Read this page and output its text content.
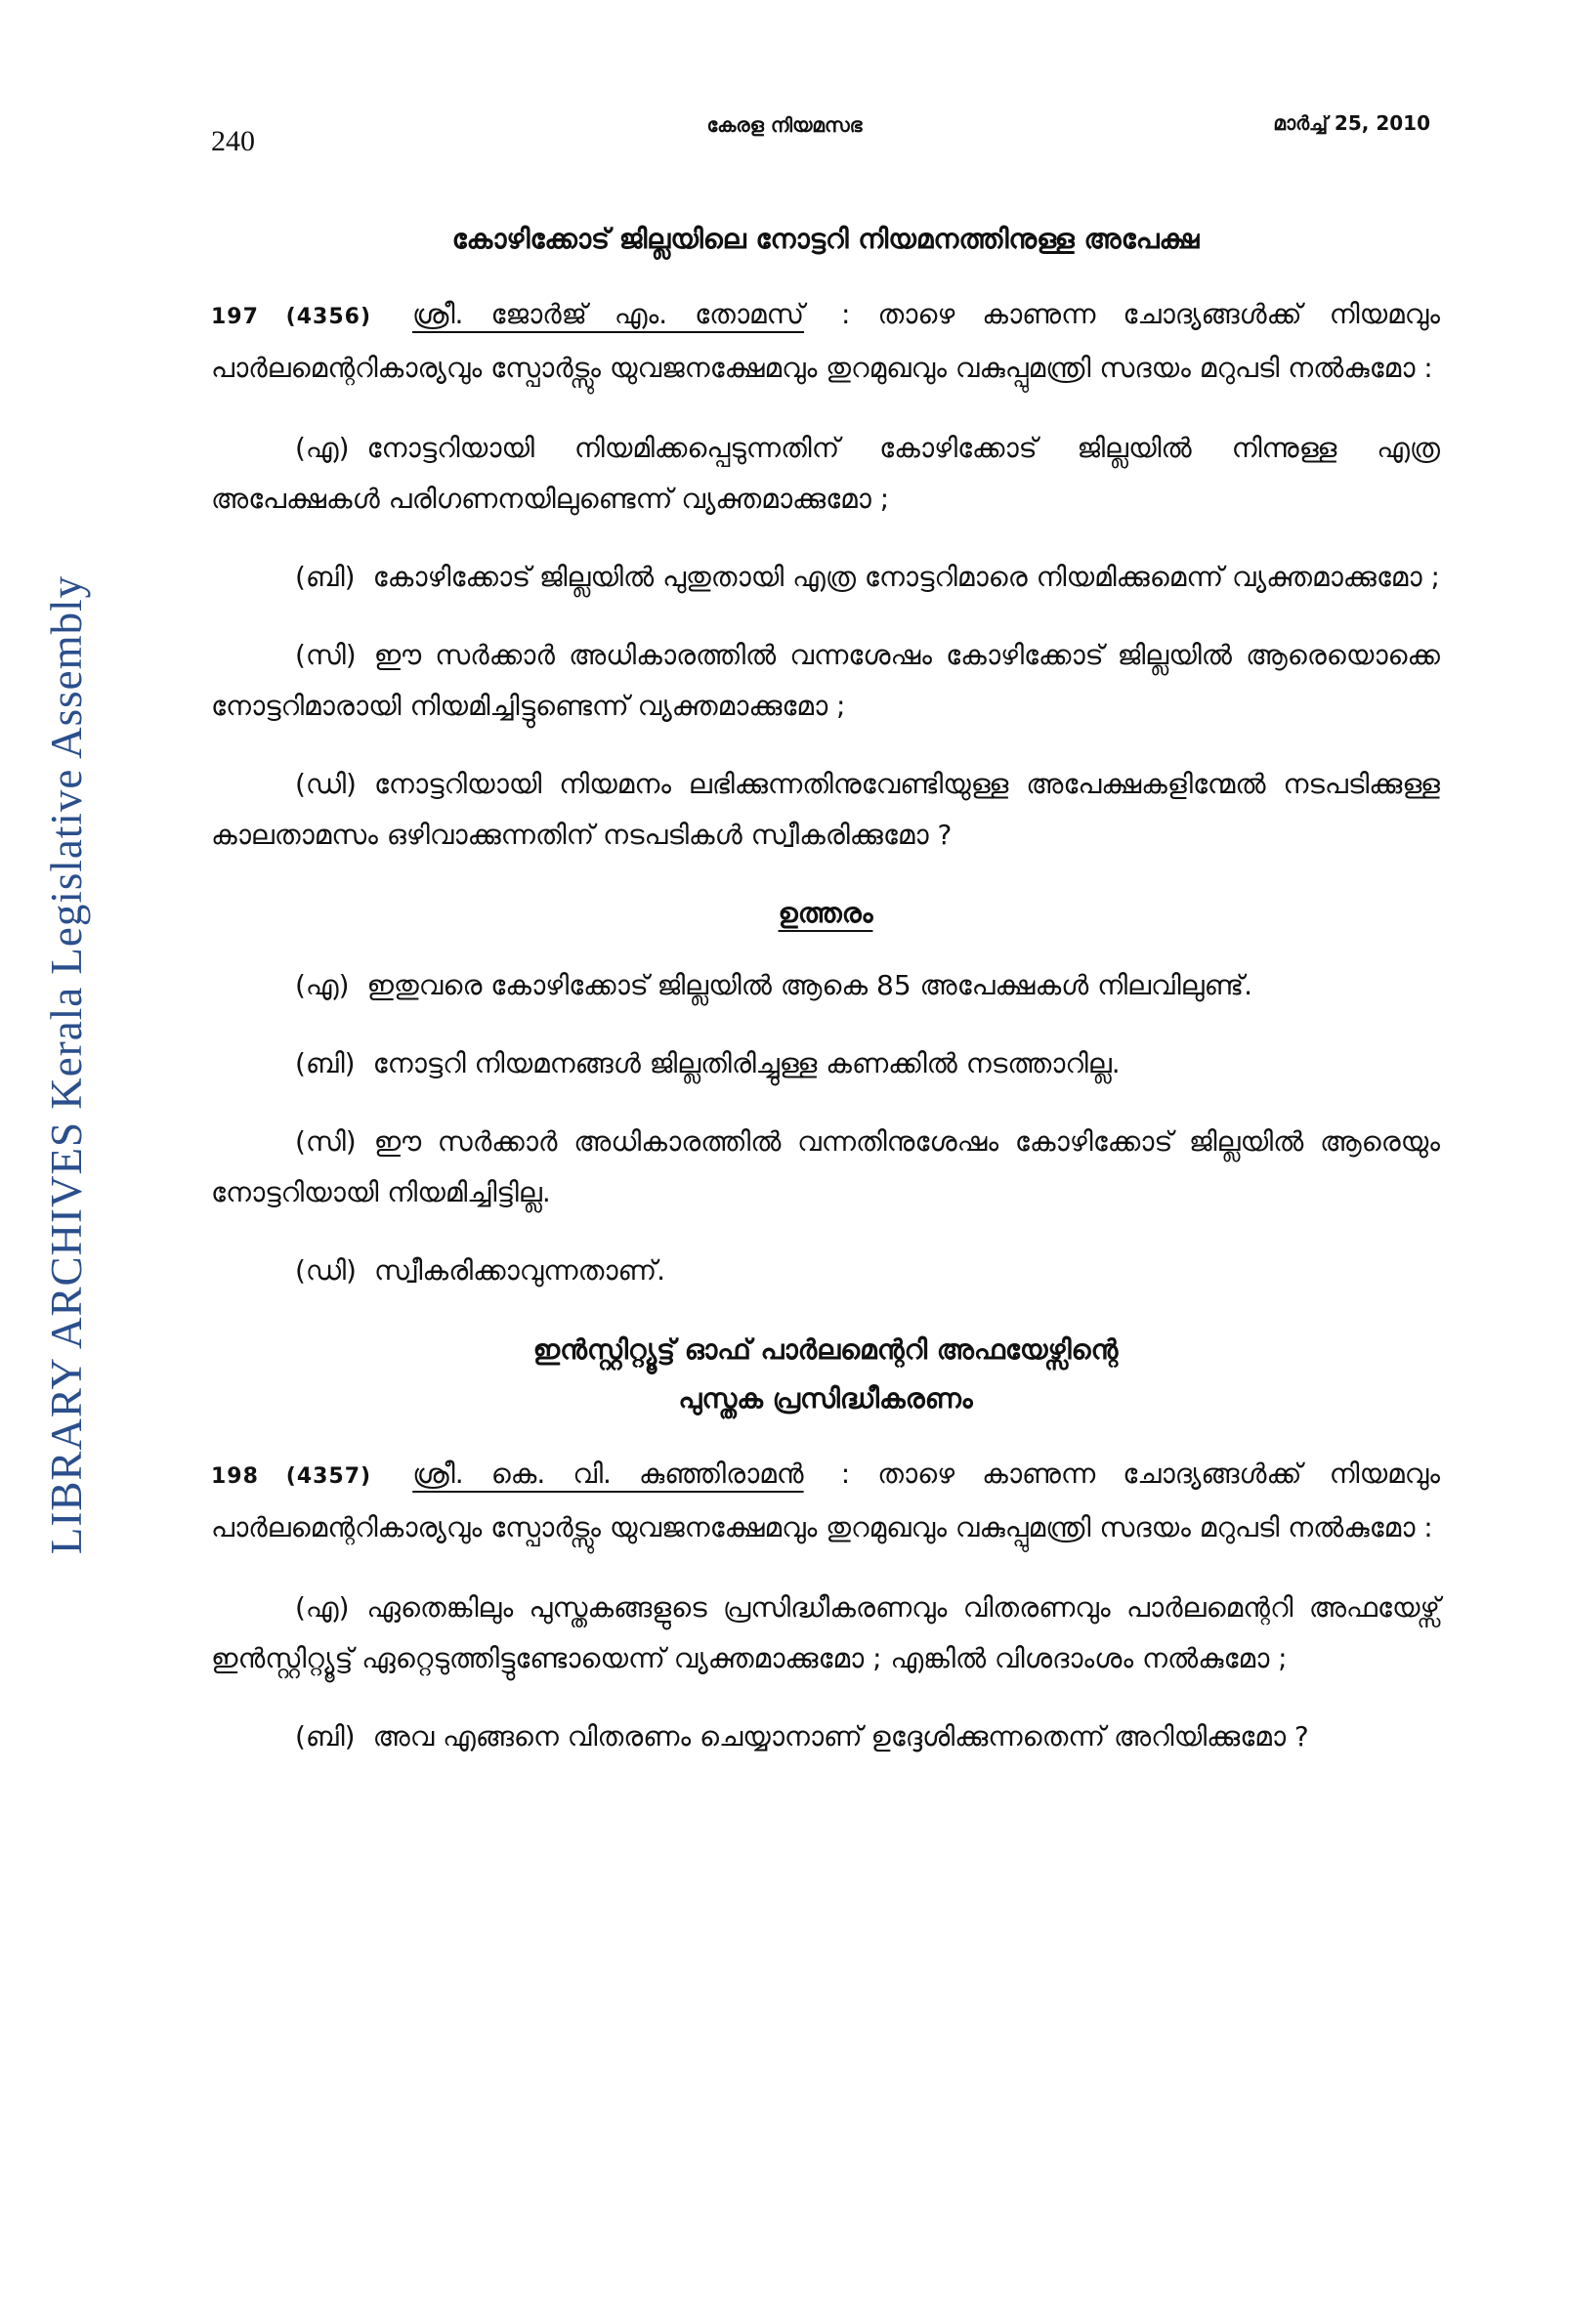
LIBRARY ARCHIVES Kerala Legislative Assembly
240	കേരള നിയമസഭ	മാർച്ച് 25, 2010
കോഴിക്കോട് ജില്ലയിലെ നോട്ടറി നിയമനത്തിനുള്ള അപേക്ഷ

197 (4356) ശ്രീ. ജോർജ് എം. തോമസ് : താഴെ കാണുന്ന ചോദ്യങ്ങൾക്ക് നിയമവും പാർലമെന്ററികാര്യവും സ്പോർട്സും യുവജനക്ഷേമവും തുറമുഖവും വകുപ്പുമന്ത്രി സദയം മറുപടി നൽകുമോ :

(എ) നോട്ടറിയായി നിയമിക്കപ്പെടുന്നതിന് കോഴിക്കോട് ജില്ലയിൽ നിന്നുള്ള എത്ര അപേക്ഷകൾ പരിഗണനയിലുണ്ടെന്ന് വ്യക്തമാക്കുമോ ;

(ബി) കോഴിക്കോട് ജില്ലയിൽ പുതുതായി എത്ര നോട്ടറിമാരെ നിയമിക്കുമെന്ന് വ്യക്തമാക്കുമോ ;

(സി) ഈ സർക്കാർ അധികാരത്തിൽ വന്നശേഷം കോഴിക്കോട് ജില്ലയിൽ ആരെയൊക്കെ നോട്ടറിമാരായി നിയമിച്ചിട്ടുണ്ടെന്ന് വ്യക്തമാക്കുമോ ;

(ഡി) നോട്ടറിയായി നിയമനം ലഭിക്കുന്നതിനുവേണ്ടിയുള്ള അപേക്ഷകളിന്മേൽ നടപടിക്കുള്ള കാലതാമസം ഒഴിവാക്കുന്നതിന് നടപടികൾ സ്വീകരിക്കുമോ ?

ഉത്തരം

(എ) ഇതുവരെ കോഴിക്കോട് ജില്ലയിൽ ആകെ 85 അപേക്ഷകൾ നിലവിലുണ്ട്.

(ബി) നോട്ടറി നിയമനങ്ങൾ ജില്ലതിരിച്ചുള്ള കണക്കിൽ നടത്താറില്ല.

(സി) ഈ സർക്കാർ അധികാരത്തിൽ വന്നതിനുശേഷം കോഴിക്കോട് ജില്ലയിൽ ആരെയും നോട്ടറിയായി നിയമിച്ചിട്ടില്ല.

(ഡി) സ്വീകരിക്കാവുന്നതാണ്.

ഇൻസ്റ്റിറ്റ്യൂട്ട് ഓഫ് പാർലമെന്ററി അഫയേഴ്സിന്റെ
പുസ്തക പ്രസിദ്ധീകരണം

198 (4357) ശ്രീ. കെ. വി. കുഞ്ഞിരാമൻ : താഴെ കാണുന്ന ചോദ്യങ്ങൾക്ക് നിയമവും പാർലമെന്ററികാര്യവും സ്പോർട്സും യുവജനക്ഷേമവും തുറമുഖവും വകുപ്പുമന്ത്രി സദയം മറുപടി നൽകുമോ :

(എ) ഏതെങ്കിലും പുസ്തകങ്ങളുടെ പ്രസിദ്ധീകരണവും വിതരണവും പാർലമെന്ററി അഫയേഴ്സ് ഇൻസ്റ്റിറ്റ്യൂട്ട് ഏറ്റെടുത്തിട്ടുണ്ടോയെന്ന് വ്യക്തമാക്കുമോ ; എങ്കിൽ വിശദാംശം നൽകുമോ ;

(ബി) അവ എങ്ങനെ വിതരണം ചെയ്യാനാണ് ഉദ്ദേശിക്കുന്നതെന്ന് അറിയിക്കുമോ ?
